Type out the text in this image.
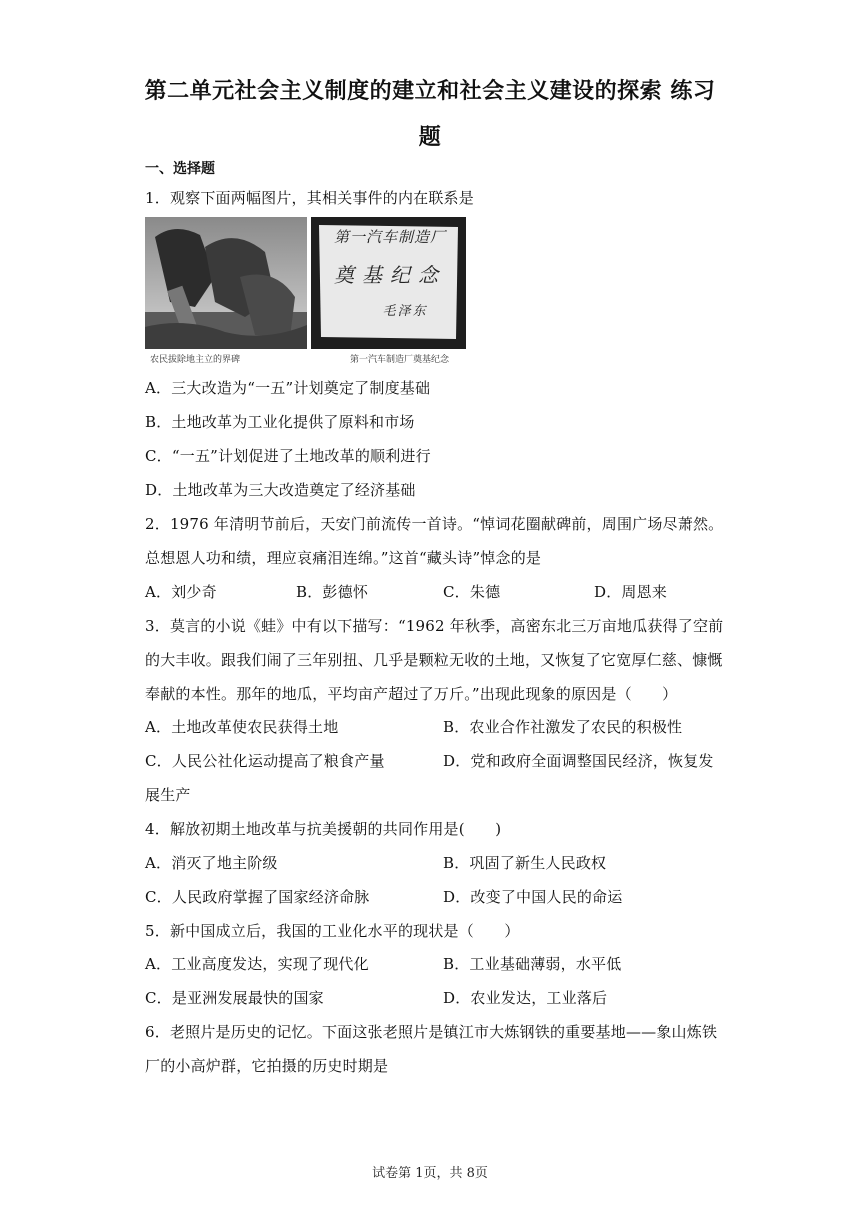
第二单元社会主义制度的建立和社会主义建设的探索 练习
题
一、选择题
1．观察下面两幅图片，其相关事件的内在联系是
农民拔除地主立的界碑
第一汽车制造厂
奠基纪念
毛泽东
第一汽车制造厂奠基纪念
A．三大改造为“一五”计划奠定了制度基础
B．土地改革为工业化提供了原料和市场
C．“一五”计划促进了土地改革的顺利进行
D．土地改革为三大改造奠定了经济基础
2．1976 年清明节前后，天安门前流传一首诗。“悼词花圈献碑前，周围广场尽萧然。
总想恩人功和绩，理应哀痛泪连绵。”这首“藏头诗”悼念的是
A．刘少奇	B．彭德怀	C．朱德	D．周恩来
3．莫言的小说《蛙》中有以下描写：“1962 年秋季，高密东北三万亩地瓜获得了空前
的大丰收。跟我们闹了三年别扭、几乎是颗粒无收的土地，又恢复了它宽厚仁慈、慷慨
奉献的本性。那年的地瓜，平均亩产超过了万斤。”出现此现象的原因是（　　）
A．土地改革使农民获得土地	B．农业合作社激发了农民的积极性
C．人民公社化运动提高了粮食产量	D．党和政府全面调整国民经济，恢复发
展生产
4．解放初期土地改革与抗美援朝的共同作用是(　　)
A．消灭了地主阶级	B．巩固了新生人民政权
C．人民政府掌握了国家经济命脉	D．改变了中国人民的命运
5．新中国成立后，我国的工业化水平的现状是（　　）
A．工业高度发达，实现了现代化	B．工业基础薄弱，水平低
C．是亚洲发展最快的国家	D．农业发达，工业落后
6．老照片是历史的记忆。下面这张老照片是镇江市大炼钢铁的重要基地——象山炼铁
厂的小高炉群，它拍摄的历史时期是
试卷第 1页，共 8页
